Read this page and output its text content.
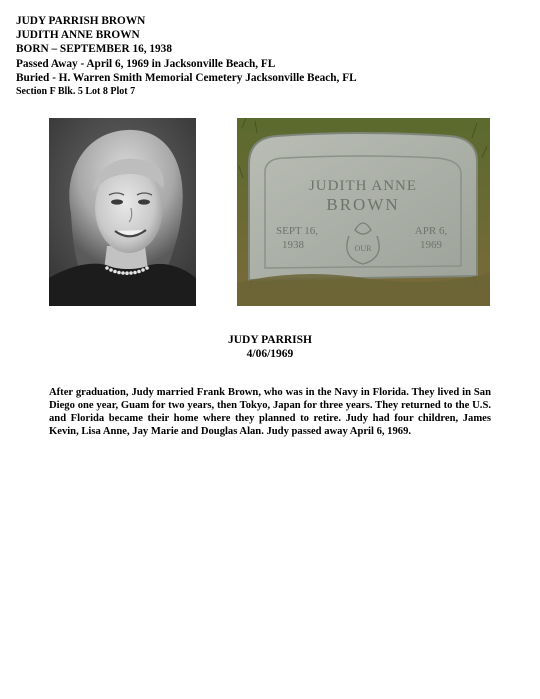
JUDY PARRISH BROWN
JUDITH ANNE BROWN
BORN – SEPTEMBER 16, 1938
Passed Away - April 6, 1969 in Jacksonville Beach, FL
Buried - H. Warren Smith Memorial Cemetery Jacksonville Beach, FL
Section F Blk. 5 Lot 8 Plot 7
JUDITH ANNE
BROWN
SEPT 16,
1938
APR 6,
1969
OUR
JUDY PARRISH
4/06/1969
After graduation, Judy married Frank Brown, who was in the Navy in Florida. They lived in San Diego one year, Guam for two years, then Tokyo, Japan for three years. They returned to the U.S. and Florida became their home where they planned to retire. Judy had four children, James Kevin, Lisa Anne, Jay Marie and Douglas Alan. Judy passed away April 6, 1969.
